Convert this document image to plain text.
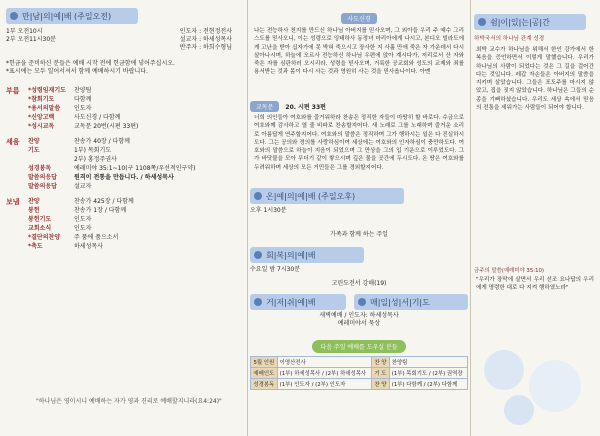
만|남|의|예|배 (주일오전)
1부 오전10시
2부 오전11시30분
인도자 : 전현정전사
설교자 : 하세성목사
반주자 : 하희수형님
*헌금을 준비하신 분들은 예배 시작 전에 헌금함에 넣어주십시오.
*표시에는 모두 일어서셔서 함께 예배하시기 바랍니다.
부름	*성령임재기도	찬양팀
*참회기도	다함께
*용서의말씀	인도자
*신앙고백	사도신경 / 다함께
*성시교독	교독문 20번(시편 33편)
세움	찬양	찬송가 40장 / 다함께
기도	1부) 목회기도
2부) 홍정주권사
성경봉독	예레미야 35:1~10(구 1108쪽/우선적인구약)
말씀의응답	원격이 전통을 만듭니다. / 하세성목사
말씀의응답	설교자
보냄	찬양	찬송가 425장 / 다함께
봉헌	찬송가 1장 / 다함께
봉헌기도	인도자
교회소식	인도자
*결단의찬양	주 품에 품으소서
*축도	하세성목사
"하나님은 영이시니 예배하는 자가 영과 진리로 예배할지니라(요4:24)"
사도신경
나는 전능하사 천지를 만드신 하나님 아버지를 믿사오며, 그 외아들 우리 주 예수 그리스도를 믿사오니, 이는 성령으로 잉태하사 동정녀 마리아에게 나시고, 본디오 빌라도에게 고난을 받아 십자가에 못 박혀 죽으시고 장사한 지 사흘 만에 죽은 자 가운데서 다시 살아나시며, 하늘에 오르사 전능하신 하나님 우편에 앉아 계시다가, 저리로서 산 자와 죽은 자를 심판하러 오시리라. 성령을 믿사오며, 거룩한 공교회와 성도의 교제와 죄를 용서받는 것과 몸이 다시 사는 것과 영원히 사는 것을 믿사옵나이다. 아멘
교독문	20. 시편 33편
너희 의인들아 여호와를 즐거워하라 찬송은 정직한 자들이 마땅히 할 바로다. 수금으로 여호와께 감사하고 열 줄 비파로 찬송할지어다. 새 노래로 그를 노래하며 즐거운 소리로 아름답게 연주할지어다. 여호와의 말씀은 정직하며 그가 행하시는 일은 다 진실하시도다. 그는 공의와 정의를 사랑하심이여 세상에는 여호와의 인자하심이 충만하도다. 여호와의 말씀으로 하늘이 지음이 되었으며 그 만상을 그의 입 기운으로 이루었도다. 그가 바닷물을 모아 무더기 같이 쌓으시며 깊은 물을 곳간에 두시도다. 온 땅은 여호와를 두려워하며 세상의 모든 거민들은 그를 경외할지어다.
온|예|의|예|배 (주일오후)
오후 1시30분
가족과 함께 하는 주일
회|복|의|예|배
수요일 밤 7시30분
고린도전서 강해(19)
거|저|쉬|예|배	매|일|성|서|기|도
새벽예배 / 인도자: 하세성목사
예레미야서 묵상
다음 주일 예배를 도우실 분들
5월 인원	이영산전사	찬 양	찬양팀
예배인도	(1부) 하세성목사 / (2부) 하세성목사	기 도	(1부) 목회기도 / (2부) 권역장
성경봉독	(1부) 인도자 / (2부) 인도자	찬 양	(1부) 다함께 / (2부) 다함께
쉼|이|있|는|공|간
하박국서의 하나님 관계 성경
최박 교수가 하나님을 위해서 한인 강가에서 한 복음을 증언하면서 이렇게 말했습니다. 우리가 하나님의 사람이 되었다는 것은 그 길을 걸어간다는 것입니다. 레갑 자손들은 아버지의 말씀을 지키며 살았습니다. 그들은 포도주를 마시지 않았고, 집을 짓지 않았습니다. 하나님은 그들의 순종을 기뻐하셨습니다. 우리도 세상 속에서 믿음의 전통을 세워가는 사람들이 되어야 합니다.
금주의 말씀(예레미야 35:10)
"우리가 장막에 살면서 우리 선조 요나답의 우리에게 명령한 대로 다 지켜 행하였노라"
